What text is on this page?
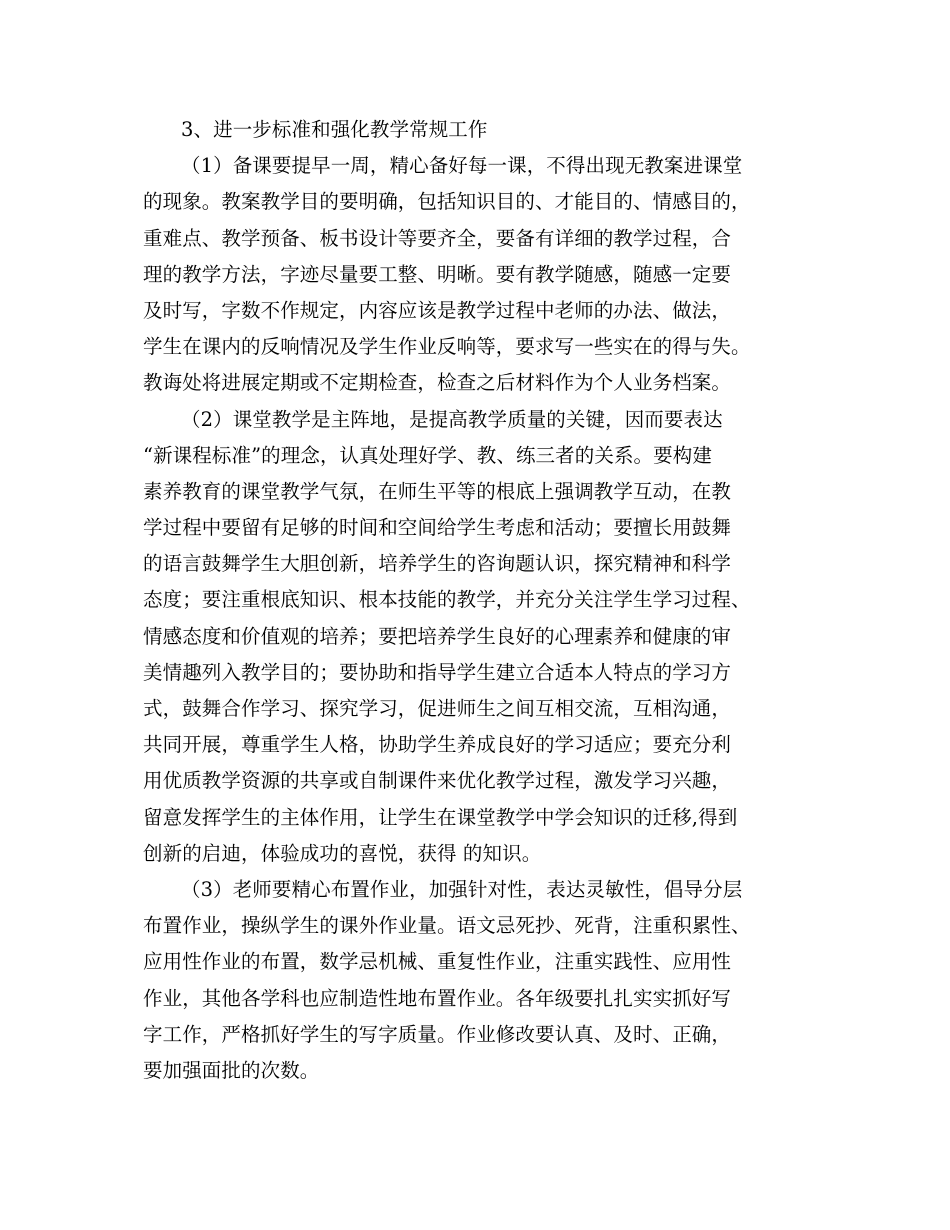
3、进一步标准和强化教学常规工作
（1）备课要提早一周，精心备好每一课，不得出现无教案进课堂
的现象。教案教学目的要明确，包括知识目的、才能目的、情感目的，
重难点、教学预备、板书设计等要齐全，要备有详细的教学过程，合
理的教学方法，字迹尽量要工整、明晰。要有教学随感，随感一定要
及时写，字数不作规定，内容应该是教学过程中老师的办法、做法，
学生在课内的反响情况及学生作业反响等，要求写一些实在的得与失。
教诲处将进展定期或不定期检查，检查之后材料作为个人业务档案。
（2）课堂教学是主阵地，是提高教学质量的关键，因而要表达
“新课程标准”的理念，认真处理好学、教、练三者的关系。要构建
素养教育的课堂教学气氛，在师生平等的根底上强调教学互动，在教
学过程中要留有足够的时间和空间给学生考虑和活动；要擅长用鼓舞
的语言鼓舞学生大胆创新，培养学生的咨询题认识，探究精神和科学
态度；要注重根底知识、根本技能的教学，并充分关注学生学习过程、
情感态度和价值观的培养；要把培养学生良好的心理素养和健康的审
美情趣列入教学目的；要协助和指导学生建立合适本人特点的学习方
式，鼓舞合作学习、探究学习，促进师生之间互相交流，互相沟通，
共同开展，尊重学生人格，协助学生养成良好的学习适应；要充分利
用优质教学资源的共享或自制课件来优化教学过程，激发学习兴趣，
留意发挥学生的主体作用，让学生在课堂教学中学会知识的迁移,得到
创新的启迪，体验成功的喜悦，获得 的知识。
（3）老师要精心布置作业，加强针对性，表达灵敏性，倡导分层
布置作业，操纵学生的课外作业量。语文忌死抄、死背，注重积累性、
应用性作业的布置，数学忌机械、重复性作业，注重实践性、应用性
作业，其他各学科也应制造性地布置作业。各年级要扎扎实实抓好写
字工作，严格抓好学生的写字质量。作业修改要认真、及时、正确，
要加强面批的次数。
